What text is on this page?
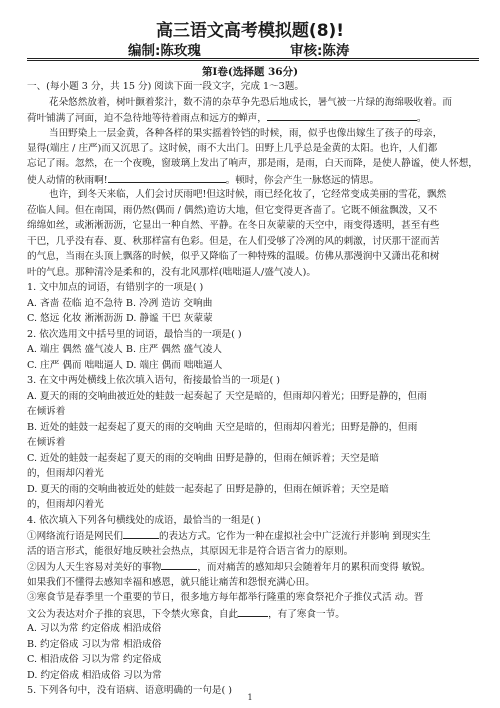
高三语文高考模拟题(8)!
编制:陈玫瑰	审核:陈涛
第Ⅰ卷(选择题 36分)
一、(每小题 3 分，共 15 分) 阅读下面一段文字，完成 1～3题。
花朵悠然放着，树叶颤着浆汁，数不清的杂草争先恐后地成长，暑气被一片绿的海绵吸收着。而
荷叶铺满了河面，迫不急待地等待着雨点和远方的蝉声，	。
当田野染上一层金黄，各种各样的果实摇着铃铛的时候，雨，似乎也像出嫁生了孩子的母亲，
显得(端庄 / 庄严)而又沉思了。这时候，雨不大出门。田野上几乎总是金黄的太阳。也许，人们都
忘记了雨。忽然，在一个夜晚，窗玻璃上发出了响声，那是雨，是雨，白天而降，是使人静谧，使人怀想，
使人动情的秋雨啊!	。顿时，你会产生一脉悠远的情思。
也许，到冬天来临，人们会讨厌雨吧!但这时候，雨已经化妆了，它经常变成美丽的雪花，飘然
莅临人间。但在南国，雨仍然(偶而 / 偶然)造访大地，但它变得更吝啬了。它既不倾盆飘泼，又不
绵绵如丝，或淅淅沥沥，它显出一种自然、平静。在冬日灰蒙蒙的天空中，雨变得透明，甚至有些
干巴，几乎没有春、夏、秋那样富有色彩。但是，在人们受够了冷冽的风的刺激，讨厌那干涩而苦
的气息，当雨在头顶上飘落的时候，似乎又降临了一种特殊的温暖。仿佛从那漫润中又潇出花和树
叶的气息。那种清冷是柔和的，没有北风那样(咄咄逼人/盛气凌人)。
1. 文中加点的词语，有错别字的一项是( )
A. 吝啬 莅临 迫不急待 B. 冷冽 造访 交响曲
C. 悠远 化妆 淅淅沥沥 D. 静谧 干巴 灰蒙蒙
2. 依次选用文中括号里的词语，最恰当的一项是( )
A. 端庄 偶然 盛气凌人 B. 庄严 偶然 盛气凌人
C. 庄严 偶而 咄咄逼人 D. 端庄 偶而 咄咄逼人
3. 在文中两处横线上依次填入语句，衔接最恰当的一项是( )
A. 夏天的雨的交响曲被近处的蛙鼓一起奏起了 天空是暗的，但雨却闪着光；田野是静的，但雨
在倾诉着
B. 近处的蛙鼓一起奏起了夏天的雨的交响曲 天空是暗的，但雨却闪着光；田野是静的，但雨
在倾诉着
C. 近处的蛙鼓一起奏起了夏天的雨的交响曲 田野是静的，但雨在倾诉着；天空是暗
的，但雨却闪着光
D. 夏天的雨的交响曲被近处的蛙鼓一起奏起了 田野是静的，但雨在倾诉着；天空是暗
的，但雨却闪着光
4. 依次填入下列各句横线处的成语，最恰当的一组是( )
①网络流行语是网民们	的表达方式。它作为一种在虚拟社会中广泛流行并影响 到现实生
活的语言形式，能很好地反映社会热点，其原因无非是符合语言省力的原则。
②因为人天生容易对美好的事物	，而对痛苦的感知却只会随着年月的累积而变得 敏锐。
如果我们不懂得去感知幸福和感恩，就只能让痛苦和怨恨充满心田。
③寒食节是春季里一个重要的节日，很多地方每年都举行隆重的寒食祭祀介子推仪式活 动。晋
文公为表达对介子推的哀思，下令禁火寒食，自此	，有了寒食一节。
A. 习以为常 约定俗成 相沿成俗
B. 约定俗成 习以为常 相沿成俗
C. 相沿成俗 习以为常 约定俗成
D. 约定俗成 相沿成俗 习以为常
5. 下列各句中，没有语病、语意明确的一句是( )
1
